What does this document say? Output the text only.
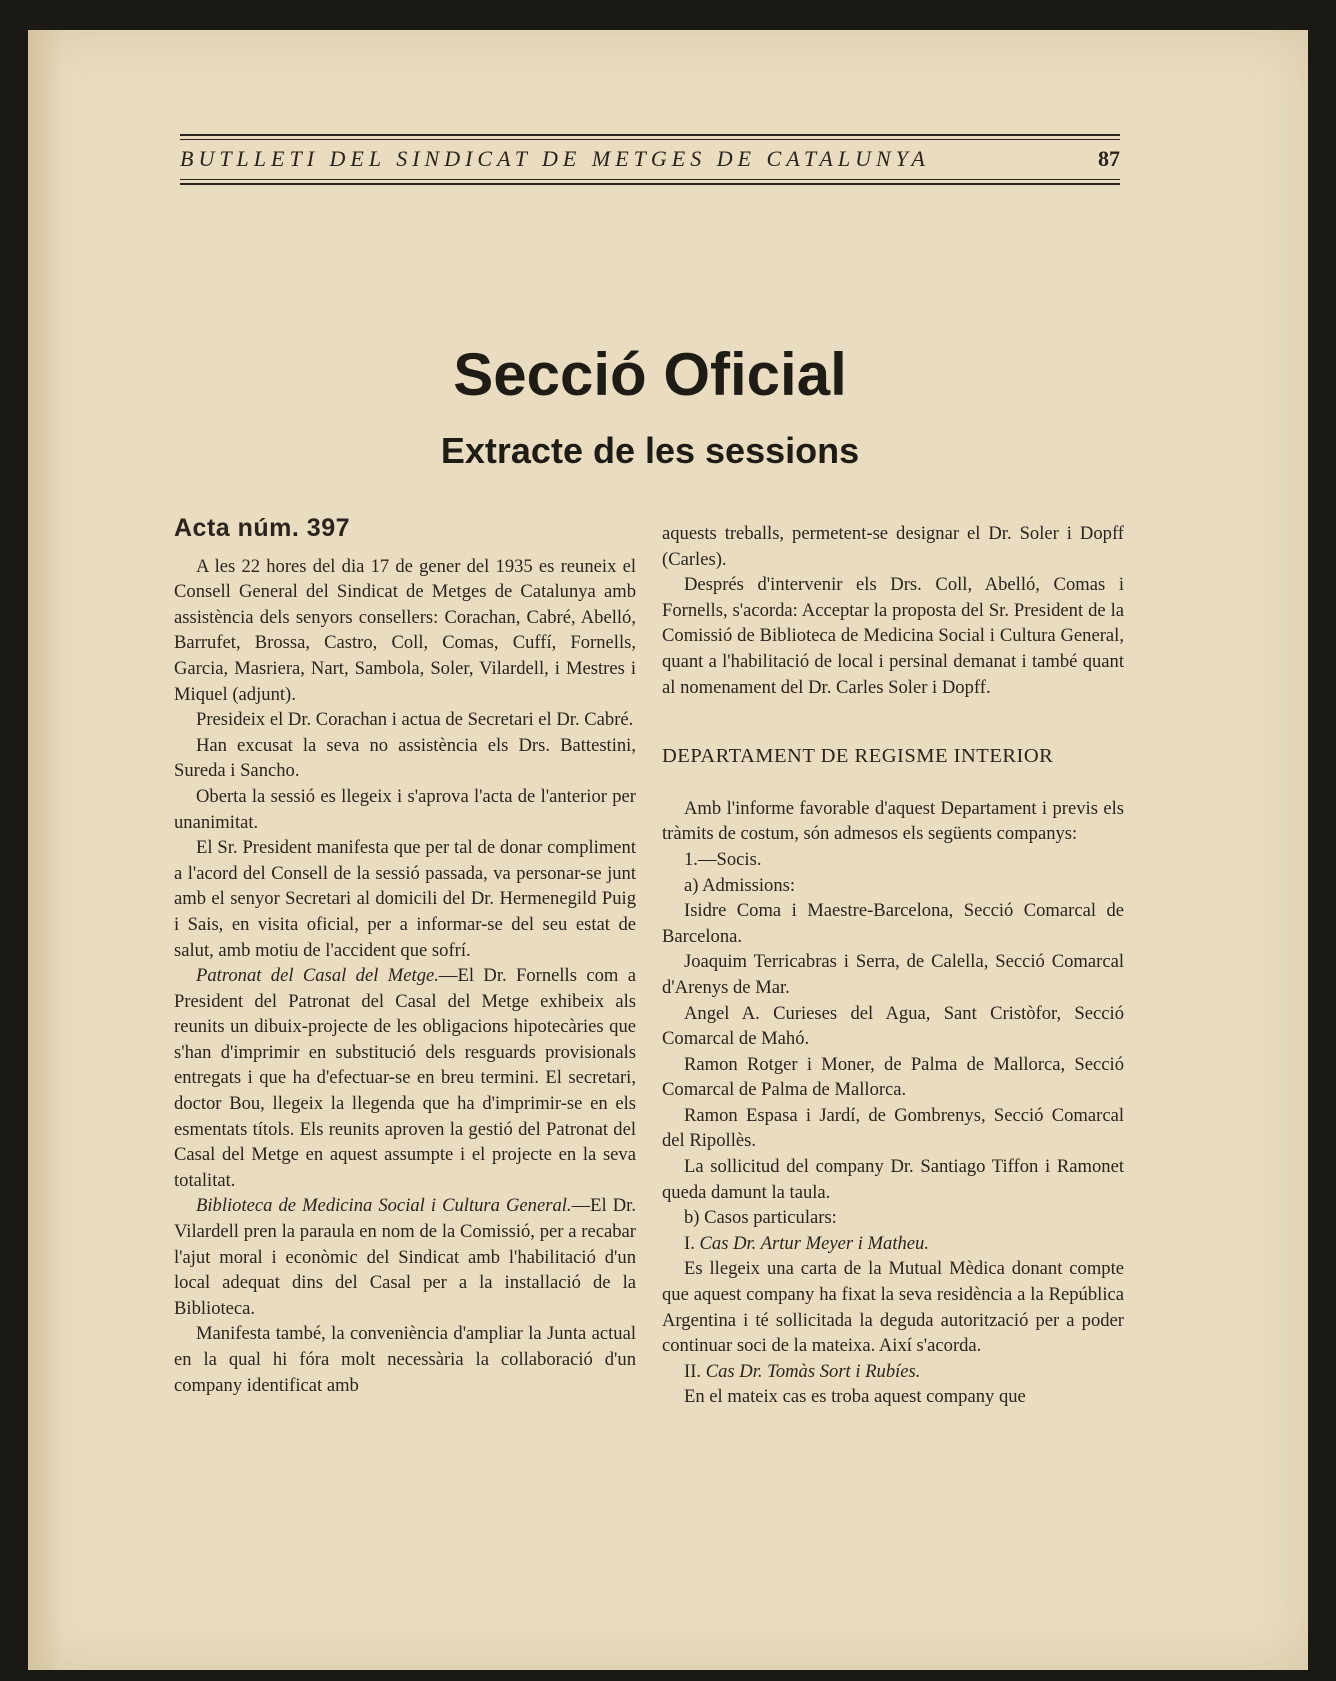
BUTLLETI DEL SINDICAT DE METGES DE CATALUNYA	87
Secció Oficial
Extracte de les sessions
Acta núm. 397

A les 22 hores del dia 17 de gener del 1935 es reuneix el Consell General del Sindicat de Metges de Catalunya amb assistència dels senyors consellers: Corachan, Cabré, Abelló, Barrufet, Brossa, Castro, Coll, Comas, Cuffí, Fornells, Garcia, Masriera, Nart, Sambola, Soler, Vilardell, i Mestres i Miquel (adjunt).

Presideix el Dr. Corachan i actua de Secretari el Dr. Cabré.

Han excusat la seva no assistència els Drs. Battestini, Sureda i Sancho.

Oberta la sessió es llegeix i s'aprova l'acta de l'anterior per unanimitat.

El Sr. President manifesta que per tal de donar compliment a l'acord del Consell de la sessió passada, va personar-se junt amb el senyor Secretari al domicili del Dr. Hermenegild Puig i Sais, en visita oficial, per a informar-se del seu estat de salut, amb motiu de l'accident que sofrí.

Patronat del Casal del Metge.—El Dr. Fornells com a President del Patronat del Casal del Metge exhibeix als reunits un dibuix-projecte de les obligacions hipotecàries que s'han d'imprimir en substitució dels resguards provisionals entregats i que ha d'efectuar-se en breu termini. El secretari, doctor Bou, llegeix la llegenda que ha d'imprimir-se en els esmentats títols. Els reunits aproven la gestió del Patronat del Casal del Metge en aquest assumpte i el projecte en la seva totalitat.

Biblioteca de Medicina Social i Cultura General.—El Dr. Vilardell pren la paraula en nom de la Comissió, per a recabar l'ajut moral i econòmic del Sindicat amb l'habilitació d'un local adequat dins del Casal per a la installació de la Biblioteca.

Manifesta també, la conveniència d'ampliar la Junta actual en la qual hi fóra molt necessària la collaboració d'un company identificat amb

aquests treballs, permetent-se designar el Dr. Soler i Dopff (Carles).

Després d'intervenir els Drs. Coll, Abelló, Comas i Fornells, s'acorda: Acceptar la proposta del Sr. President de la Comissió de Biblioteca de Medicina Social i Cultura General, quant a l'habilitació de local i persinal demanat i també quant al nomenament del Dr. Carles Soler i Dopff.

DEPARTAMENT DE REGISME INTERIOR

Amb l'informe favorable d'aquest Departament i previs els tràmits de costum, són admesos els següents companys:

1.—Socis.

a) Admissions:

Isidre Coma i Maestre-Barcelona, Secció Comarcal de Barcelona.

Joaquim Terricabras i Serra, de Calella, Secció Comarcal d'Arenys de Mar.

Angel A. Curieses del Agua, Sant Cristòfor, Secció Comarcal de Mahó.

Ramon Rotger i Moner, de Palma de Mallorca, Secció Comarcal de Palma de Mallorca.

Ramon Espasa i Jardí, de Gombrenys, Secció Comarcal del Ripollès.

La sollicitud del company Dr. Santiago Tiffon i Ramonet queda damunt la taula.

b) Casos particulars:

I. Cas Dr. Artur Meyer i Matheu.

Es llegeix una carta de la Mutual Mèdica donant compte que aquest company ha fixat la seva residència a la República Argentina i té sollicitada la deguda autorització per a poder continuar soci de la mateixa. Així s'acorda.

II. Cas Dr. Tomàs Sort i Rubíes.

En el mateix cas es troba aquest company que
